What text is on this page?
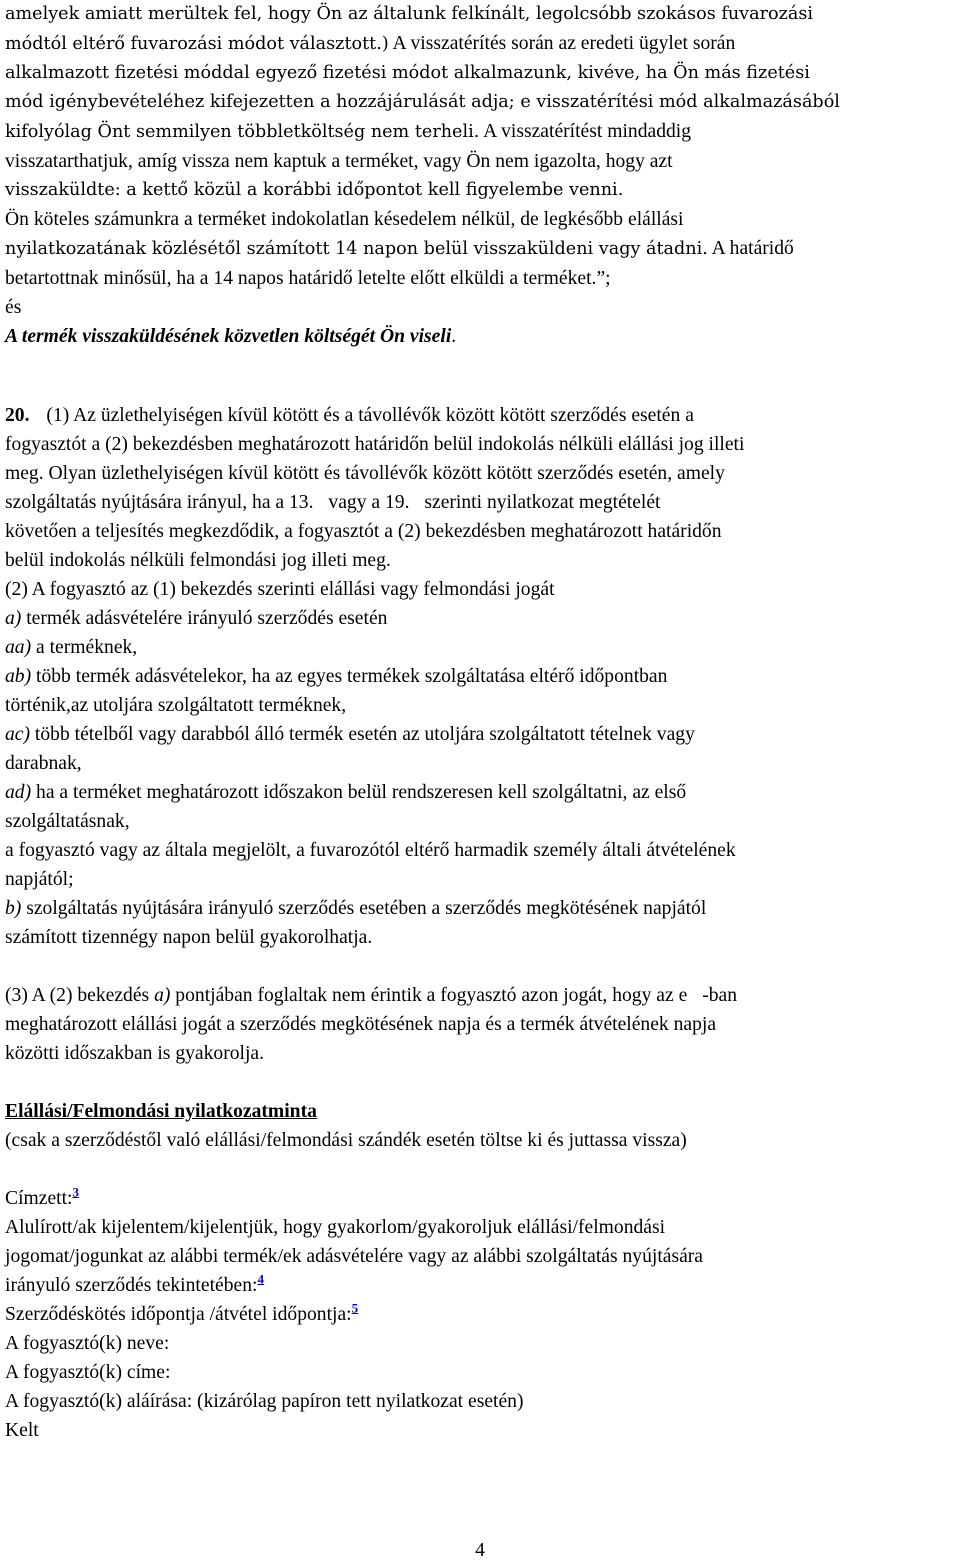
amelyek amiatt merültek fel, hogy Ön az általunk felkínált, legolcsóbb szokásos fuvarozási

módtól eltérő fuvarozási módot választott.) A visszatérítés során az eredeti ügylet során

alkalmazott fizetési móddal egyező fizetési módot alkalmazunk, kivéve, ha Ön más fizetési

mód igénybevételéhez kifejezetten a hozzájárulását adja; e visszatérítési mód alkalmazásából

kifolyólag Önt semmilyen többletköltség nem terheli. A visszatérítést mindaddig

visszatarthatjuk, amíg vissza nem kaptuk a terméket, vagy Ön nem igazolta, hogy azt

visszaküldte: a kettő közül a korábbi időpontot kell figyelembe venni.

Ön köteles számunkra a terméket indokolatlan késedelem nélkül, de legkésőbb elállási

nyilatkozatának közlésétől számított 14 napon belül visszaküldeni vagy átadni. A határidő

betartottnak minősül, ha a 14 napos határidő letelte előtt elküldi a terméket.”;

és

A termék visszaküldésének közvetlen költségét Ön viseli.

20. (1) Az üzlethelyiségen kívül kötött és a távollévők között kötött szerződés esetén a

fogyasztót a (2) bekezdésben meghatározott határidőn belül indokolás nélküli elállási jog illeti

meg. Olyan üzlethelyiségen kívül kötött és távollévők között kötött szerződés esetén, amely

szolgáltatás nyújtására irányul, ha a 13. vagy a 19. szerinti nyilatkozat megtételét

követően a teljesítés megkezdődik, a fogyasztót a (2) bekezdésben meghatározott határidőn

belül indokolás nélküli felmondási jog illeti meg.

(2) A fogyasztó az (1) bekezdés szerinti elállási vagy felmondási jogát

a) termék adásvételére irányuló szerződés esetén

aa) a terméknek,

ab) több termék adásvételekor, ha az egyes termékek szolgáltatása eltérő időpontban

történik,az utoljára szolgáltatott terméknek,

ac) több tételből vagy darabból álló termék esetén az utoljára szolgáltatott tételnek vagy

darabnak,

ad) ha a terméket meghatározott időszakon belül rendszeresen kell szolgáltatni, az első

szolgáltatásnak,

a fogyasztó vagy az általa megjelölt, a fuvarozótól eltérő harmadik személy általi átvételének

napjától;

b) szolgáltatás nyújtására irányuló szerződés esetében a szerződés megkötésének napjától

számított tizennégy napon belül gyakorolhatja.

(3) A (2) bekezdés a) pontjában foglaltak nem érintik a fogyasztó azon jogát, hogy az e -ban

meghatározott elállási jogát a szerződés megkötésének napja és a termék átvételének napja

közötti időszakban is gyakorolja.

Elállási/Felmondási nyilatkozatminta

(csak a szerződéstől való elállási/felmondási szándék esetén töltse ki és juttassa vissza)

Címzett:$^3$

Alulírott/ak kijelentem/kijelentjük, hogy gyakorlom/gyakoroljuk elállási/felmondási

jogomat/jogunkat az alábbi termék/ek adásvételére vagy az alábbi szolgáltatás nyújtására

irányuló szerződés tekintetében:$^4$

Szerződéskötés időpontja /átvétel időpontja:$^5$

A fogyasztó(k) neve:

A fogyasztó(k) címe:

A fogyasztó(k) aláírása: (kizárólag papíron tett nyilatkozat esetén)

Kelt

4
